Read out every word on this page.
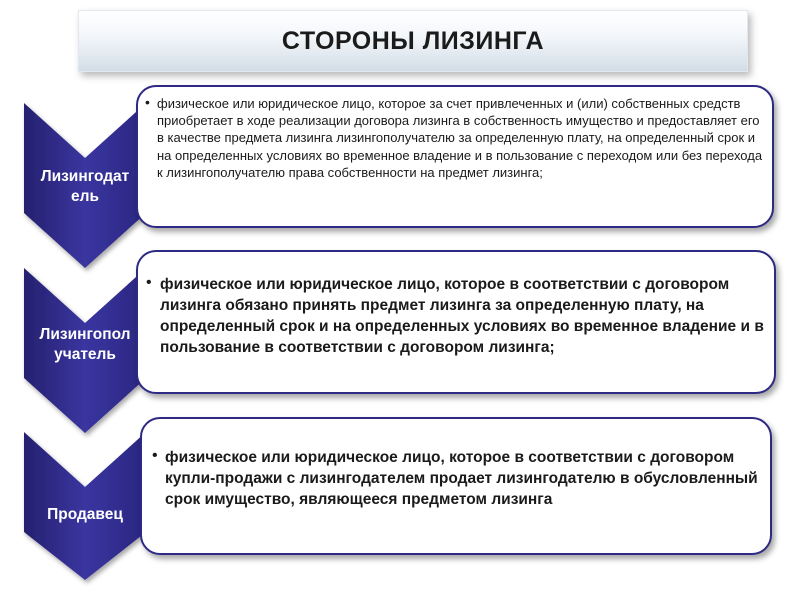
СТОРОНЫ ЛИЗИНГА
Лизингодат
ель
Лизингопол
учатель
Продавец
• физическое или юридическое лицо, которое за счет привлеченных и (или) собственных средств приобретает в ходе реализации договора лизинга в собственность имущество и предоставляет его в качестве предмета лизинга лизингополучателю за определенную плату, на определенный срок и на определенных условиях во временное владение и в пользование с переходом или без перехода к лизингополучателю права собственности на предмет лизинга;

• физическое или юридическое лицо, которое в соответствии с договором лизинга обязано принять предмет лизинга за определенную плату, на определенный срок и на определенных условиях во временное владение и в пользование в соответствии с договором лизинга;

• физическое или юридическое лицо, которое в соответствии с договором купли-продажи с лизингодателем продает лизингодателю в обусловленный срок имущество, являющееся предметом лизинга
